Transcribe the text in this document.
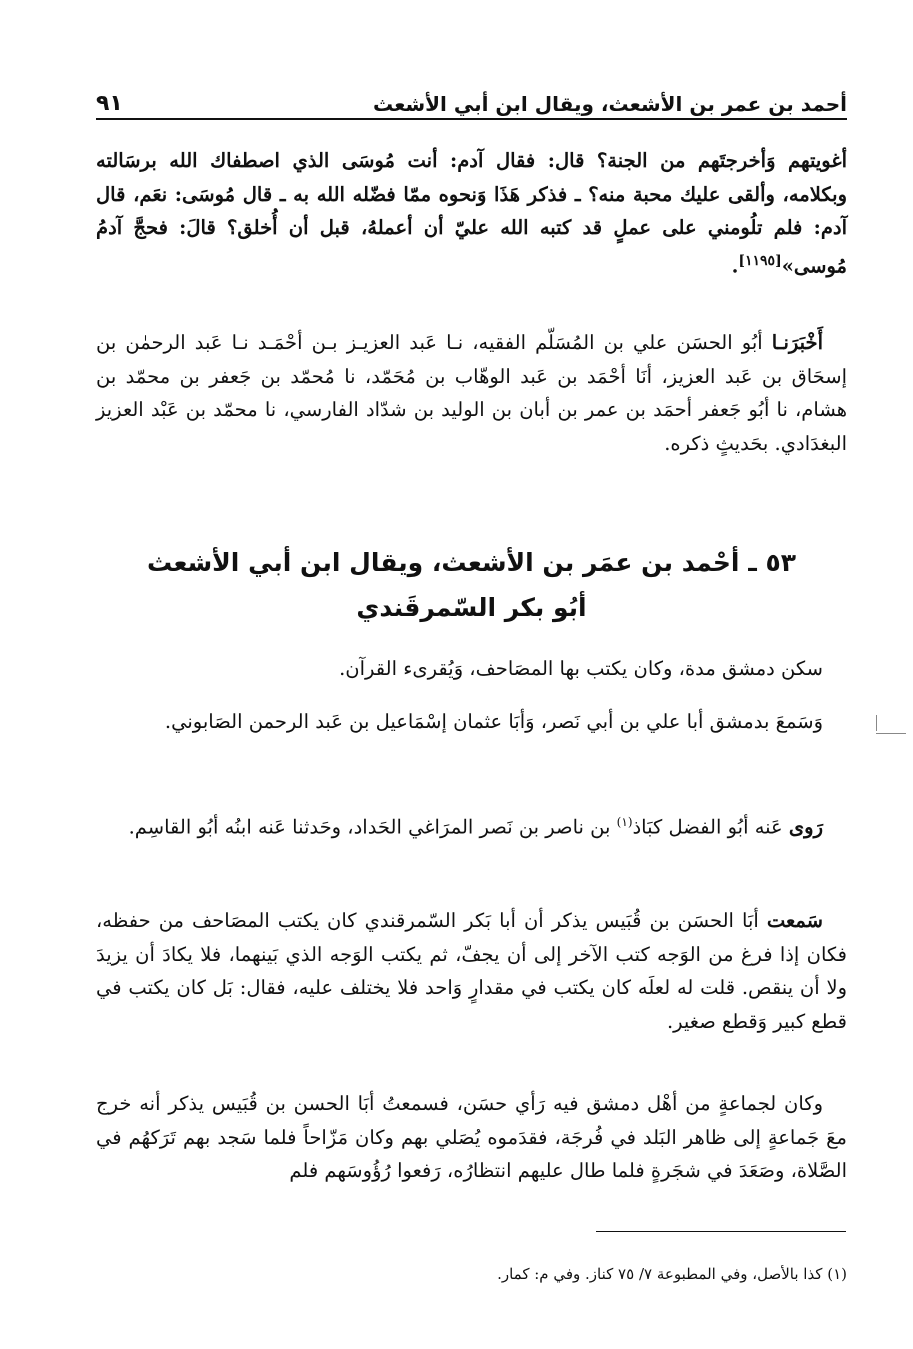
أحمد بن عمر بن الأشعث، ويقال ابن أبي الأشعث
٩١

أغويتهم وَأخرجتَهم من الجنة؟ قال: فقال آدم: أنت مُوسَى الذي اصطفاك الله برسَالته وبكلامه، وألقى عليك محبة منه؟ ـ فذكر هَذَا وَنحوه ممّا فضّله الله به ـ قال مُوسَى: نعَم، قال آدم: فلم تلُومني على عملٍ قد كتبه الله عليّ أن أعملهُ، قبل أن أُخلق؟ قالَ: فحجَّ آدمُ مُوسى»[١١٩٥].

أَخْبَرَنـا أبُو الحسَن علي بن المُسَلّم الفقيه، نـا عَبد العزيـز بـن أحْمَـد نـا عَبد الرحمٰن بن إسحَاق بن عَبد العزيز، أنَا أحْمَد بن عَبد الوهّاب بن مُحَمّد، نا مُحمّد بن جَعفر بن محمّد بن هشام، نا أبُو جَعفر أحمَد بن عمر بن أبان بن الوليد بن شدّاد الفارسي، نا محمّد بن عَبْد العزيز البغدَادي. بحَديثٍ ذكره.

٥٣ ـ أحْمد بن عمَر بن الأشعث، ويقال ابن أبي الأشعث
أبُو بكر السّمرقَندي

سكن دمشق مدة، وكان يكتب بها المصَاحف، وَيُقرىء القرآن.

وَسَمعَ بدمشق أبا علي بن أبي نَصر، وَأبَا عثمان إسْمَاعيل بن عَبد الرحمن الصَابوني.

رَوى عَنه أبُو الفضل كبَاذ$^{(١)}$ بن ناصر بن نَصر المرَاغي الحَداد، وحَدثنا عَنه ابنُه أبُو القاسِم.

سَمعت أبَا الحسَن بن قُبَيس يذكر أن أبا بَكر السّمرقندي كان يكتب المصَاحف من حفظه، فكان إذا فرغ من الوَجه كتب الآخر إلى أن يجفّ، ثم يكتب الوَجه الذي بَينهما، فلا يكادَ أن يزيدَ ولا أن ينقص. قلت له لعلَه كان يكتب في مقدارٍ وَاحد فلا يختلف عليه، فقال: بَل كان يكتب في قطع كبير وَقطع صغير.

وكان لجماعةٍ من أهْل دمشق فيه رَأي حسَن، فسمعتُ أبَا الحسن بن قُبَيس يذكر أنه خرج معَ جَماعةٍ إلى ظاهر البَلد في فُرجَة، فقدَموه يُصَلي بهم وكان مَزّاحاً فلما سَجد بهم تَرَكهُم في الصَّلاة، وصَعَدَ في شجَرةٍ فلما طال عليهم انتظارُه، رَفعوا رُؤُوسَهم فلم

(١) كذا بالأصل، وفي المطبوعة ٧/ ٧٥ كناز. وفي م: كمار.
